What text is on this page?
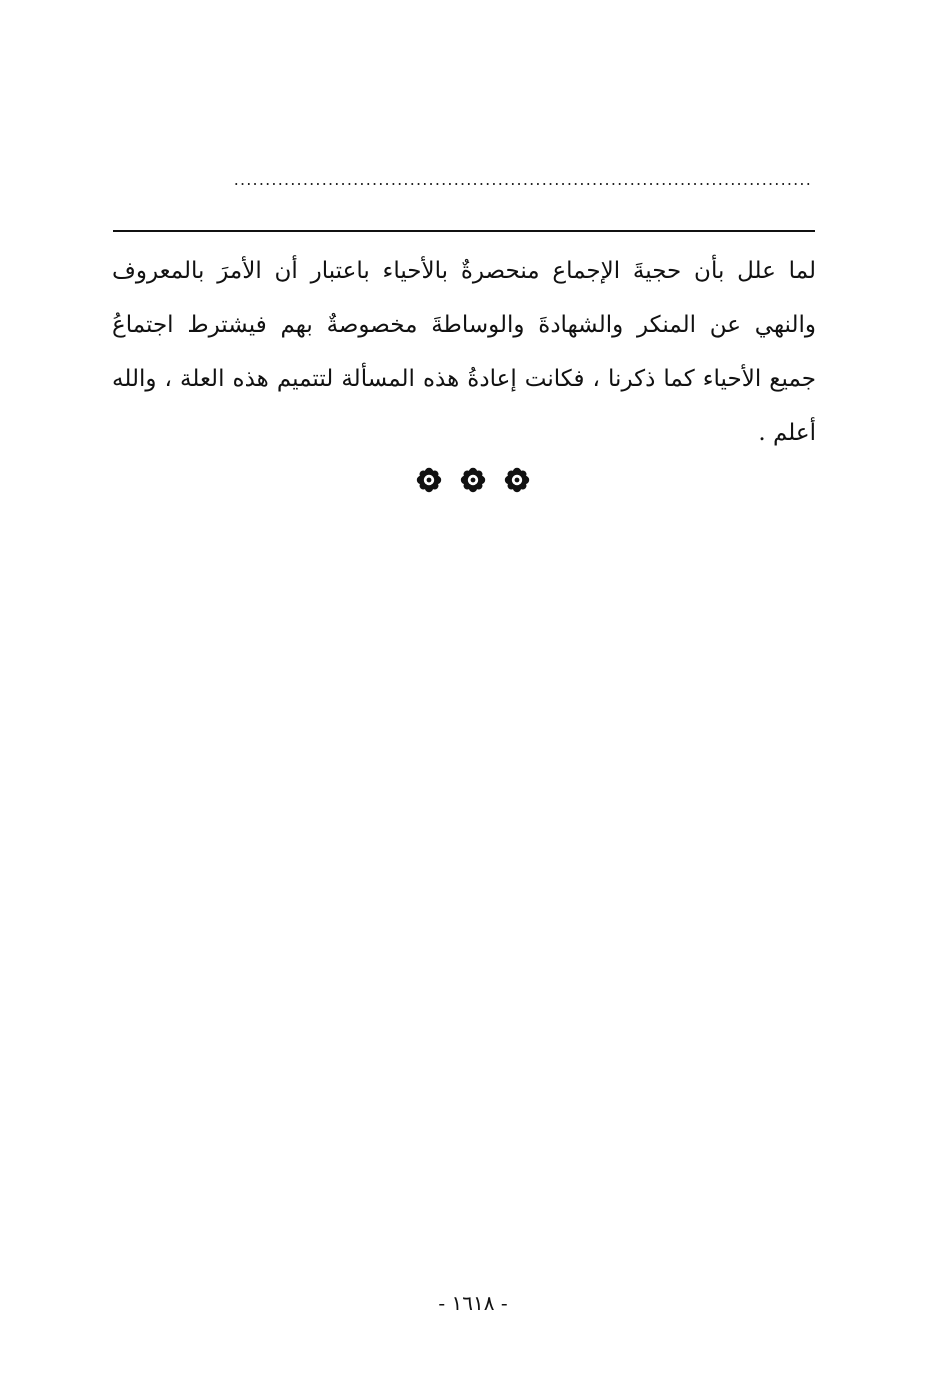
............................................................................................

لما علل بأن حجيةَ الإجماع منحصرةٌ بالأحياء باعتبار أن الأمرَ بالمعروف والنهي عن المنكر والشهادةَ والوساطةَ مخصوصةٌ بهم فيشترط اجتماعُ جميع الأحياء كما ذكرنا ، فكانت إعادةُ هذه المسألة لتتميم هذه العلة ، والله أعلم .

- ١٦١٨ -
